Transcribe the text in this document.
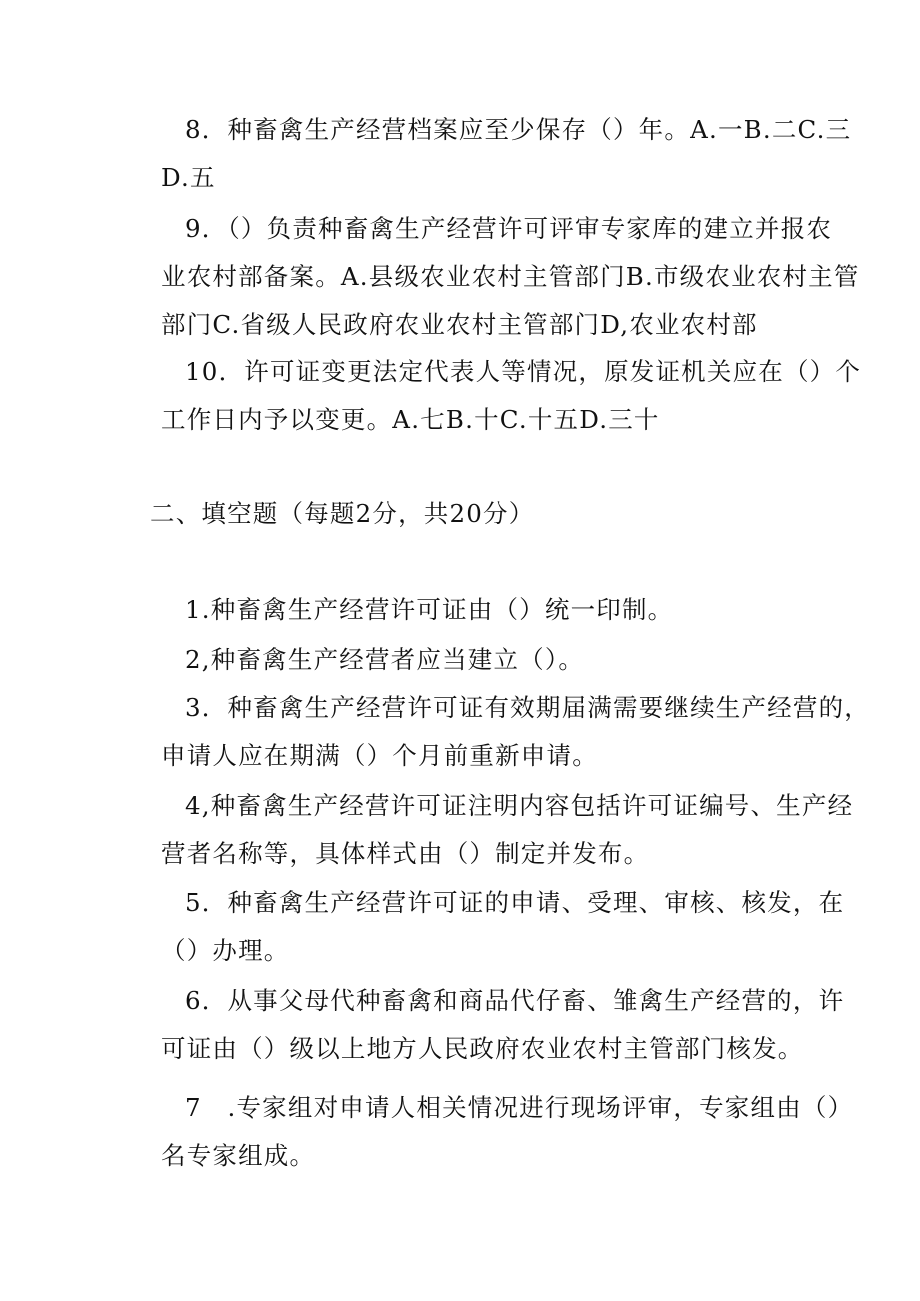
8．种畜禽生产经营档案应至少保存（）年。A.一B.二C.三
D.五
9．（）负责种畜禽生产经营许可评审专家库的建立并报农
业农村部备案。A.县级农业农村主管部门B.市级农业农村主管
部门C.省级人民政府农业农村主管部门D,农业农村部
10．许可证变更法定代表人等情况，原发证机关应在（）个
工作日内予以变更。A.七B.十C.十五D.三十
二、填空题（每题2分，共20分）
1.种畜禽生产经营许可证由（）统一印制。
2,种畜禽生产经营者应当建立（）。
3．种畜禽生产经营许可证有效期届满需要继续生产经营的，
申请人应在期满（）个月前重新申请。
4,种畜禽生产经营许可证注明内容包括许可证编号、生产经
营者名称等，具体样式由（）制定并发布。
5．种畜禽生产经营许可证的申请、受理、审核、核发，在
（）办理。
6．从事父母代种畜禽和商品代仔畜、雏禽生产经营的，许
可证由（）级以上地方人民政府农业农村主管部门核发。
7　.专家组对申请人相关情况进行现场评审，专家组由（）
名专家组成。
